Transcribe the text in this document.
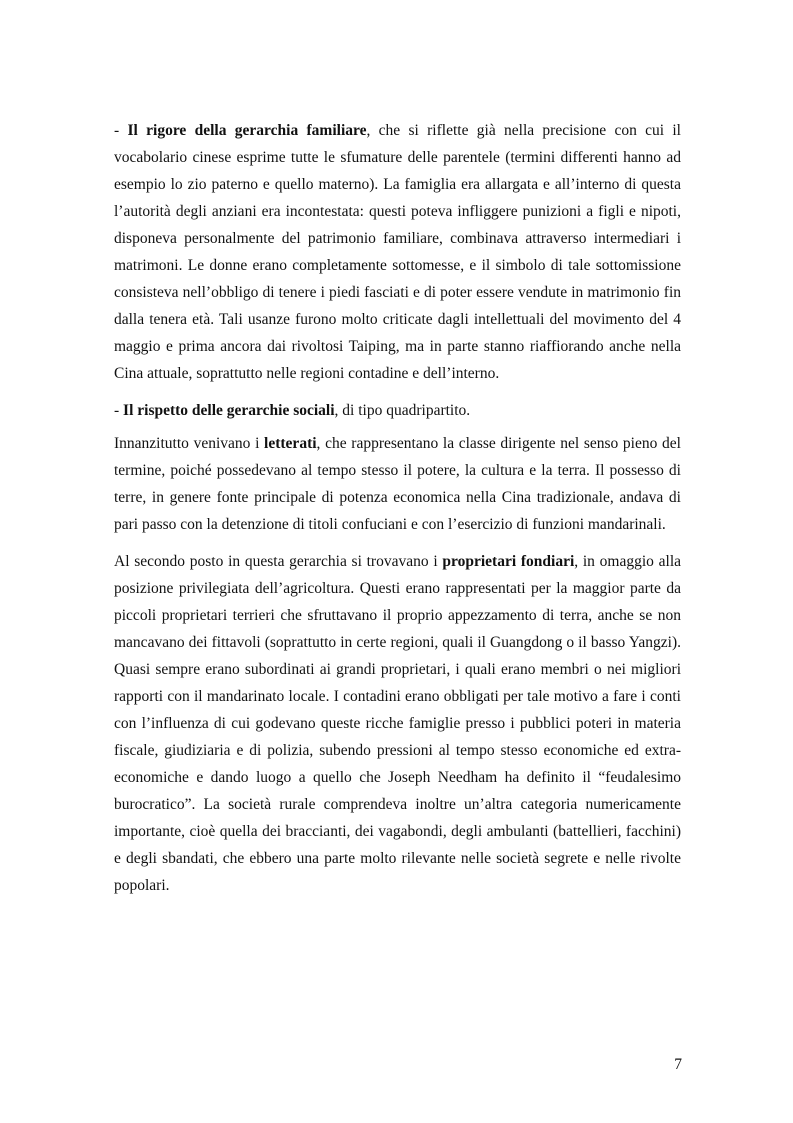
- Il rigore della gerarchia familiare, che si riflette già nella precisione con cui il vocabolario cinese esprime tutte le sfumature delle parentele (termini differenti hanno ad esempio lo zio paterno e quello materno). La famiglia era allargata e all’interno di questa l’autorità degli anziani era incontestata: questi poteva infliggere punizioni a figli e nipoti, disponeva personalmente del patrimonio familiare, combinava attraverso intermediari i matrimoni. Le donne erano completamente sottomesse, e il simbolo di tale sottomissione consisteva nell’obbligo di tenere i piedi fasciati e di poter essere vendute in matrimonio fin dalla tenera età. Tali usanze furono molto criticate dagli intellettuali del movimento del 4 maggio e prima ancora dai rivoltosi Taiping, ma in parte stanno riaffiorando anche nella Cina attuale, soprattutto nelle regioni contadine e dell’interno.

- Il rispetto delle gerarchie sociali, di tipo quadripartito.

Innanzitutto venivano i letterati, che rappresentano la classe dirigente nel senso pieno del termine, poiché possedevano al tempo stesso il potere, la cultura e la terra. Il possesso di terre, in genere fonte principale di potenza economica nella Cina tradizionale, andava di pari passo con la detenzione di titoli confuciani e con l’esercizio di funzioni mandarinali.

Al secondo posto in questa gerarchia si trovavano i proprietari fondiari, in omaggio alla posizione privilegiata dell’agricoltura. Questi erano rappresentati per la maggior parte da piccoli proprietari terrieri che sfruttavano il proprio appezzamento di terra, anche se non mancavano dei fittavoli (soprattutto in certe regioni, quali il Guangdong o il basso Yangzi). Quasi sempre erano subordinati ai grandi proprietari, i quali erano membri o nei migliori rapporti con il mandarinato locale. I contadini erano obbligati per tale motivo a fare i conti con l’influenza di cui godevano queste ricche famiglie presso i pubblici poteri in materia fiscale, giudiziaria e di polizia, subendo pressioni al tempo stesso economiche ed extra-economiche e dando luogo a quello che Joseph Needham ha definito il “feudalesimo burocratico”. La società rurale comprendeva inoltre un’altra categoria numericamente importante, cioè quella dei braccianti, dei vagabondi, degli ambulanti (battellieri, facchini) e degli sbandati, che ebbero una parte molto rilevante nelle società segrete e nelle rivolte popolari.

7
